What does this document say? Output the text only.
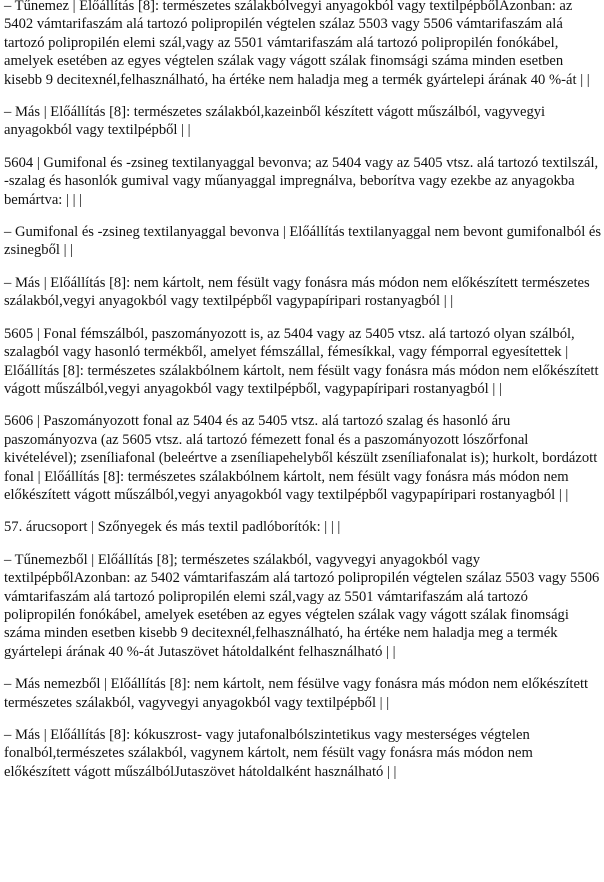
– Tűnemez | Előállítás [8]: természetes szálakbólvegyi anyagokból vagy textilpépbőlAzonban: az 5402 vámtarifaszám alá tartozó polipropilén végtelen szálaz 5503 vagy 5506 vámtarifaszám alá tartozó polipropilén elemi szál,vagy az 5501 vámtarifaszám alá tartozó polipropilén fonókábel, amelyek esetében az egyes végtelen szálak vagy vágott szálak finomsági száma minden esetben kisebb 9 decitexnél,felhasználható, ha értéke nem haladja meg a termék gyártelepi árának 40 %-át | |

– Más | Előállítás [8]: természetes szálakból,kazeinből készített vágott műszálból, vagyvegyi anyagokból vagy textilpépből | |

5604 | Gumifonal és -zsineg textilanyaggal bevonva; az 5404 vagy az 5405 vtsz. alá tartozó textilszál, -szalag és hasonlók gumival vagy műanyaggal impregnálva, beborítva vagy ezekbe az anyagokba bemártva: | | |

– Gumifonal és -zsineg textilanyaggal bevonva | Előállítás textilanyaggal nem bevont gumifonalból és zsinegből | |

– Más | Előállítás [8]: nem kártolt, nem fésült vagy fonásra más módon nem előkészített természetes szálakból,vegyi anyagokból vagy textilpépből vagypapíripari rostanyagból | |

5605 | Fonal fémszálból, paszományozott is, az 5404 vagy az 5405 vtsz. alá tartozó olyan szálból, szalagból vagy hasonló termékből, amelyet fémszállal, fémesíkkal, vagy fémporral egyesítettek | Előállítás [8]: természetes szálakbólnem kártolt, nem fésült vagy fonásra más módon nem előkészített vágott műszálból,vegyi anyagokból vagy textilpépből, vagypapíripari rostanyagból | |

5606 | Paszományozott fonal az 5404 és az 5405 vtsz. alá tartozó szalag és hasonló áru paszományozva (az 5605 vtsz. alá tartozó fémezett fonal és a paszományozott lószőrfonal kivételével); zseníliafonal (beleértve a zseníliapehelyből készült zseníliafonalat is); hurkolt, bordázott fonal | Előállítás [8]: természetes szálakbólnem kártolt, nem fésült vagy fonásra más módon nem előkészített vágott műszálból,vegyi anyagokból vagy textilpépből vagypapíripari rostanyagból | |

57. árucsoport | Szőnyegek és más textil padlóborítók: | | |

– Tűnemezből | Előállítás [8]; természetes szálakból, vagyvegyi anyagokból vagy textilpépbőlAzonban: az 5402 vámtarifaszám alá tartozó polipropilén végtelen szálaz 5503 vagy 5506 vámtarifaszám alá tartozó polipropilén elemi szál,vagy az 5501 vámtarifaszám alá tartozó polipropilén fonókábel, amelyek esetében az egyes végtelen szálak vagy vágott szálak finomsági száma minden esetben kisebb 9 decitexnél,felhasználható, ha értéke nem haladja meg a termék gyártelepi árának 40 %-át Jutaszövet hátoldalként felhasználható | |

– Más nemezből | Előállítás [8]: nem kártolt, nem fésülve vagy fonásra más módon nem előkészített természetes szálakból, vagyvegyi anyagokból vagy textilpépből | |

– Más | Előállítás [8]: kókuszrost- vagy jutafonalbólszintetikus vagy mesterséges végtelen fonalból,természetes szálakból, vagynem kártolt, nem fésült vagy fonásra más módon nem előkészített vágott műszálbólJutaszövet hátoldalként használható | |
